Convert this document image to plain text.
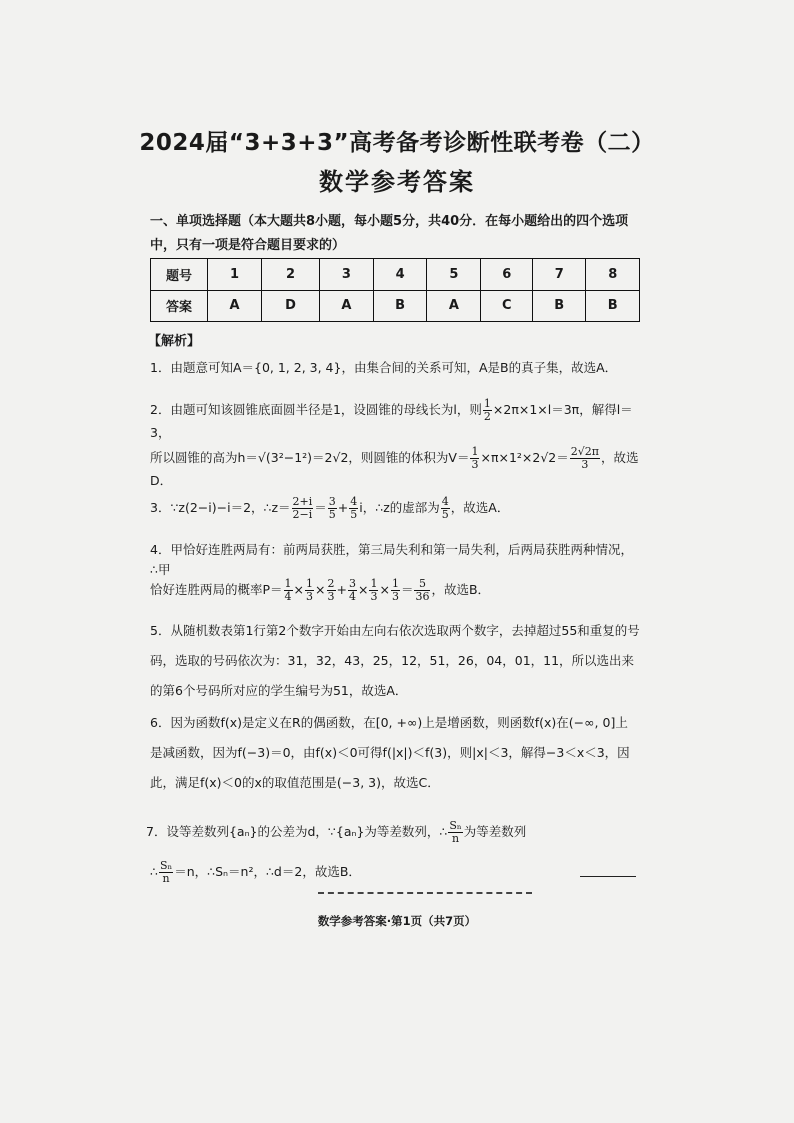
2024届“3+3+3”高考备考诊断性联考卷（二）
数学参考答案
一、单项选择题（本大题共8小题，每小题5分，共40分．在每小题给出的四个选项中，只有一项是符合题目要求的）
题号	1	2	3	4	5	6	7	8
答案	A	D	A	B	A	C	B	B
【解析】
1．由题意可知A＝{0, 1, 2, 3, 4}，由集合间的关系可知，A是B的真子集，故选A．
2．由题可知该圆锥底面圆半径是1，设圆锥的母线长为l，则 $\frac{1}{2} \times 2\pi\times 1\times l=3\pi$，解得l＝3，
所以圆锥的高为h＝√(3²−1²)＝2√2，则圆锥的体积为$V= \frac{1}{3} \times\pi\times 1^2\times 2√2= \frac{2√2\pi}{3}$ ，故选D．
3．∵z(2−i)−i＝2，∴z＝ $\frac{2+i}{2-i} = \frac{3}{5} + \frac{4}{5}$ i，∴z的虚部为 $\frac{4}{5}$ ，故选A．
4．甲恰好连胜两局有：前两局获胜，第三局失利和第一局失利，后两局获胜两种情况，∴甲
恰好连胜两局的概率$P= \frac{1}{4} \times \frac{1}{3} \times \frac{2}{3} + \frac{3}{4} \times \frac{1}{3} \times \frac{1}{3} = \frac{5}{36}$ ，故选B．
5．从随机数表第1行第2个数字开始由左向右依次选取两个数字，去掉超过55和重复的号码，选取的号码依次为：31，32，43，25，12，51，26，04，01，11，所以选出来的第6个号码所对应的学生编号为51，故选A．
6．因为函数f(x)是定义在R的偶函数，在[0, +∞)上是增函数，则函数f(x)在(−∞, 0]上是减函数，因为f(−3)＝0，由f(x)＜0可得f(|x|)＜f(3)，则|x|＜3，解得−3＜x＜3，因此，满足f(x)＜0的x的取值范围是(−3, 3)，故选C．
7．设等差数列{aₙ}的公差为d，∵{aₙ}为等差数列，∴ $\frac{\text{Sₙ}}{n}$ 为等差数列
∴ $\frac{\text{Sₙ}}{n} =n$，∴Sₙ＝n²，∴d＝2，故选B．
数学参考答案·第1页（共7页）
